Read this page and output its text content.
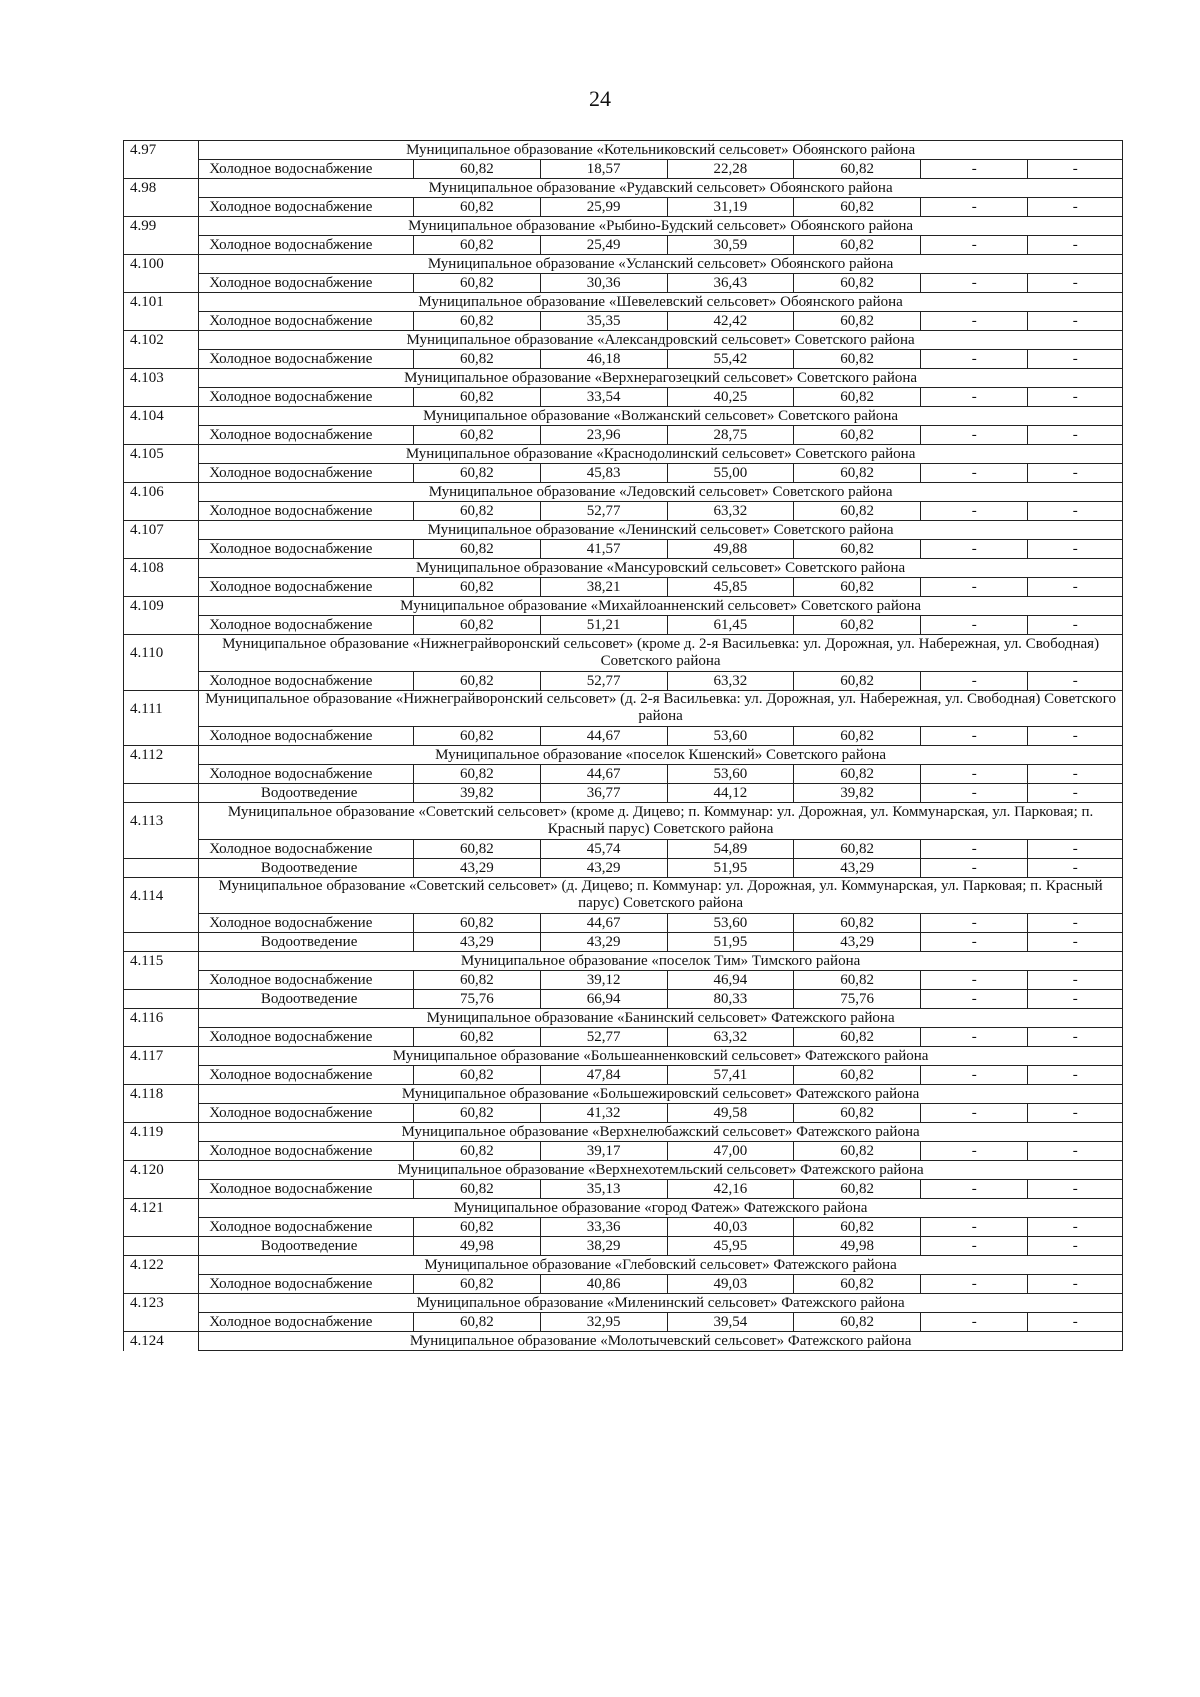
24
4.97	Муниципальное образование «Котельниковский сельсовет» Обоянского района						
	Холодное водоснабжение	60,82	18,57	22,28	60,82	-	-
4.98	Муниципальное образование «Рудавский сельсовет» Обоянского района						
	Холодное водоснабжение	60,82	25,99	31,19	60,82	-	-
4.99	Муниципальное образование «Рыбино-Будский сельсовет» Обоянского района						
	Холодное водоснабжение	60,82	25,49	30,59	60,82	-	-
4.100	Муниципальное образование «Усланский сельсовет» Обоянского района						
	Холодное водоснабжение	60,82	30,36	36,43	60,82	-	-
4.101	Муниципальное образование «Шевелевский сельсовет» Обоянского района						
	Холодное водоснабжение	60,82	35,35	42,42	60,82	-	-
4.102	Муниципальное образование «Александровский сельсовет» Советского района						
	Холодное водоснабжение	60,82	46,18	55,42	60,82	-	-
4.103	Муниципальное образование «Верхнерагозецкий сельсовет» Советского района						
	Холодное водоснабжение	60,82	33,54	40,25	60,82	-	-
4.104	Муниципальное образование «Волжанский сельсовет» Советского района						
	Холодное водоснабжение	60,82	23,96	28,75	60,82	-	-
4.105	Муниципальное образование «Краснодолинский сельсовет» Советского района						
	Холодное водоснабжение	60,82	45,83	55,00	60,82	-	-
4.106	Муниципальное образование «Ледовский сельсовет» Советского района						
	Холодное водоснабжение	60,82	52,77	63,32	60,82	-	-
4.107	Муниципальное образование «Ленинский сельсовет» Советского района						
	Холодное водоснабжение	60,82	41,57	49,88	60,82	-	-
4.108	Муниципальное образование «Мансуровский сельсовет» Советского района						
	Холодное водоснабжение	60,82	38,21	45,85	60,82	-	-
4.109	Муниципальное образование «Михайлоанненский сельсовет» Советского района						
	Холодное водоснабжение	60,82	51,21	61,45	60,82	-	-
4.110	Муниципальное образование «Нижнеграйворонский сельсовет» (кроме д. 2-я Васильевка: ул. Дорожная, ул. Набережная, ул. Свободная) Советского района						
	Холодное водоснабжение	60,82	52,77	63,32	60,82	-	-
4.111	Муниципальное образование «Нижнеграйворонский сельсовет» (д. 2-я Васильевка: ул. Дорожная, ул. Набережная, ул. Свободная) Советского района						
	Холодное водоснабжение	60,82	44,67	53,60	60,82	-	-
4.112	Муниципальное образование «поселок Кшенский» Советского района						
	Холодное водоснабжение	60,82	44,67	53,60	60,82	-	-
	Водоотведение	39,82	36,77	44,12	39,82	-	-
4.113	Муниципальное образование «Советский сельсовет» (кроме д. Дицево; п. Коммунар: ул. Дорожная, ул. Коммунарская, ул. Парковая; п. Красный парус) Советского района						
	Холодное водоснабжение	60,82	45,74	54,89	60,82	-	-
	Водоотведение	43,29	43,29	51,95	43,29	-	-
4.114	Муниципальное образование «Советский сельсовет» (д. Дицево; п. Коммунар: ул. Дорожная, ул. Коммунарская, ул. Парковая; п. Красный парус) Советского района						
	Холодное водоснабжение	60,82	44,67	53,60	60,82	-	-
	Водоотведение	43,29	43,29	51,95	43,29	-	-
4.115	Муниципальное образование «поселок Тим» Тимского района						
	Холодное водоснабжение	60,82	39,12	46,94	60,82	-	-
	Водоотведение	75,76	66,94	80,33	75,76	-	-
4.116	Муниципальное образование «Банинский сельсовет» Фатежского района						
	Холодное водоснабжение	60,82	52,77	63,32	60,82	-	-
4.117	Муниципальное образование «Большеанненковский сельсовет» Фатежского района						
	Холодное водоснабжение	60,82	47,84	57,41	60,82	-	-
4.118	Муниципальное образование «Большежировский сельсовет» Фатежского района						
	Холодное водоснабжение	60,82	41,32	49,58	60,82	-	-
4.119	Муниципальное образование «Верхнелюбажский сельсовет» Фатежского района						
	Холодное водоснабжение	60,82	39,17	47,00	60,82	-	-
4.120	Муниципальное образование «Верхнехотемльский сельсовет» Фатежского района						
	Холодное водоснабжение	60,82	35,13	42,16	60,82	-	-
4.121	Муниципальное образование «город Фатеж» Фатежского района						
	Холодное водоснабжение	60,82	33,36	40,03	60,82	-	-
	Водоотведение	49,98	38,29	45,95	49,98	-	-
4.122	Муниципальное образование «Глебовский сельсовет» Фатежского района						
	Холодное водоснабжение	60,82	40,86	49,03	60,82	-	-
4.123	Муниципальное образование «Миленинский сельсовет» Фатежского района						
	Холодное водоснабжение	60,82	32,95	39,54	60,82	-	-
4.124	Муниципальное образование «Молотычевский сельсовет» Фатежского района						
